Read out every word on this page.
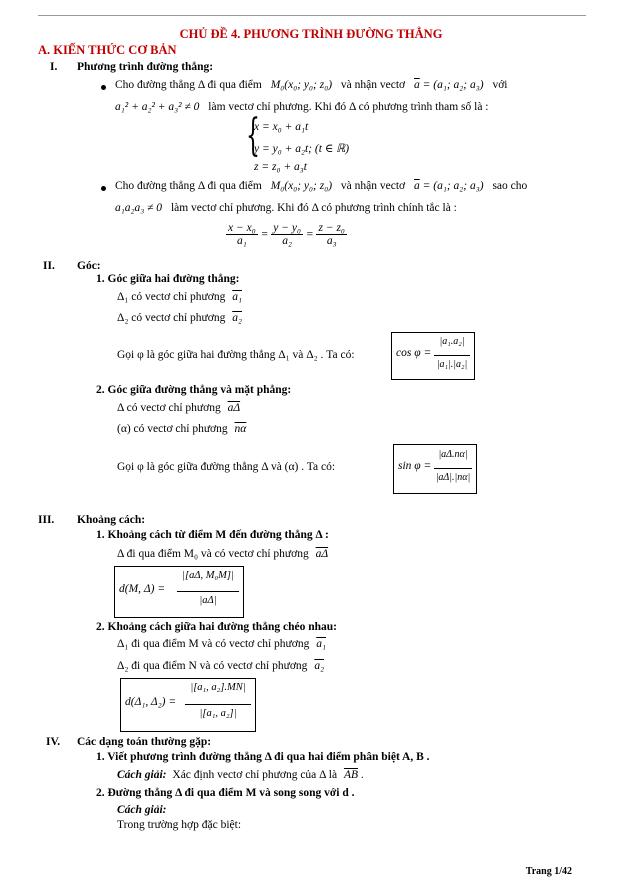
CHỦ ĐỀ 4. PHƯƠNG TRÌNH ĐƯỜNG THẲNG
A. KIẾN THỨC CƠ BẢN
I. Phương trình đường thẳng:
Cho đường thẳng Δ đi qua điểm M₀(x₀; y₀; z₀) và nhận vectơ $\overline{a} = (a_1$; a₂; a₃) với
a₁² + a₂² + a₃² ≠ 0 làm vectơ chỉ phương. Khi đó Δ có phương trình tham số là :
{
x = x₀ + a₁t
y = y₀ + a₂t; (t ∈ ℝ)
z = z₀ + a₃t
Cho đường thẳng Δ đi qua điểm M₀(x₀; y₀; z₀) và nhận vectơ $\overline{a} = (a_1$; a₂; a₃) sao cho
a₁a₂a₃ ≠ 0 làm vectơ chỉ phương. Khi đó Δ có phương trình chính tắc là :
$\frac{\text{x − x₀}}{\text{a₁}} = \frac{\text{y − y₀}}{\text{a₂}} = \frac{\text{z − z₀}}{\text{a₃}}$
II. Góc:
1. Góc giữa hai đường thẳng:
Δ₁ có vectơ chỉ phương a₁
Δ₂ có vectơ chỉ phương a₂
Gọi φ là góc giữa hai đường thẳng Δ₁ và Δ₂ . Ta có:	cos φ =
|a₁.a₂|
|a₁|.|a₂|
2. Góc giữa đường thẳng và mặt phẳng:
Δ có vectơ chỉ phương $\overline{a\Delta}$
(α) có vectơ chỉ phương $\overline{n\alpha}$
Gọi φ là góc giữa đường thẳng Δ và (α) . Ta có:	sin φ =
|aΔ.nα|
|aΔ|.|nα|
III. Khoảng cách:
1. Khoảng cách từ điểm M đến đường thẳng Δ :
Δ đi qua điểm M₀ và có vectơ chỉ phương $\overline{a\Delta}$
d(M, Δ) =
|[aΔ, M₀M]|
|aΔ|
2. Khoảng cách giữa hai đường thẳng chéo nhau:
Δ₁ đi qua điểm M và có vectơ chỉ phương a₁
Δ₂ đi qua điểm N và có vectơ chỉ phương a₂
d(Δ₁, Δ₂) =
|[a₁, a₂].MN|
|[a₁, a₂]|
IV. Các dạng toán thường gặp:
1. Viết phương trình đường thẳng Δ đi qua hai điểm phân biệt A, B .
Cách giải: Xác định vectơ chỉ phương của Δ là $\overline{AB}$ .
2. Đường thẳng Δ đi qua điểm M và song song với d .
Cách giải:
Trong trường hợp đặc biệt:
Trang 1/42
